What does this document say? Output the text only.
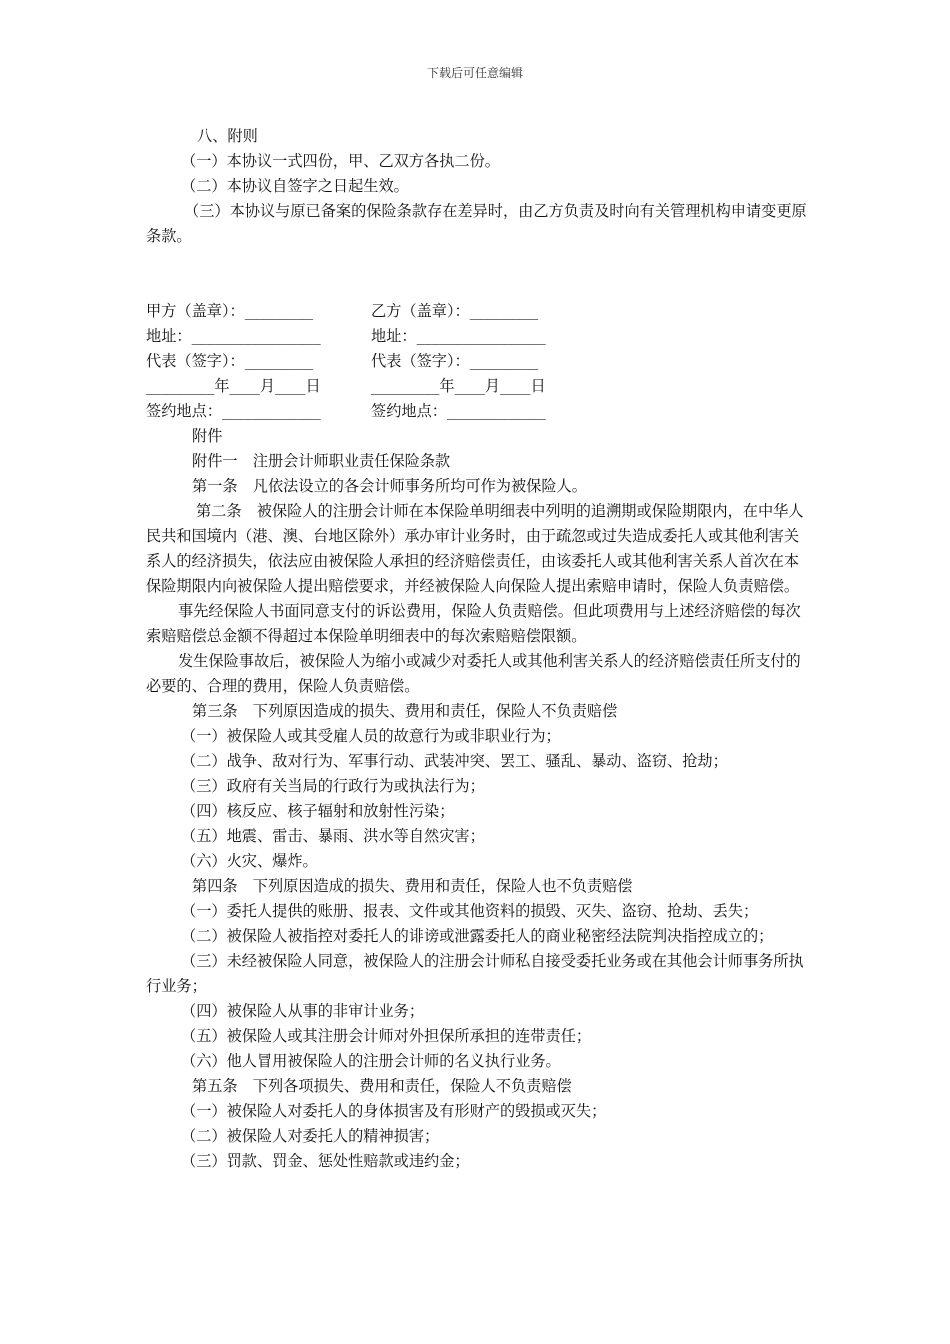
下载后可任意编辑

八、附则

（一）本协议一式四份，甲、乙双方各执二份。

（二）本协议自签字之日起生效。

（三）本协议与原已备案的保险条款存在差异时，由乙方负责及时向有关管理机构申请变更原条款。

甲方（盖章）：_________	乙方（盖章）：_________
地址：_________________	地址：_________________
代表（签字）：_________	代表（签字）：_________
_________年____月____日	_________年____月____日
签约地点：_____________	签约地点：_____________

附件

附件一　注册会计师职业责任保险条款

第一条　凡依法设立的各会计师事务所均可作为被保险人。

第二条　被保险人的注册会计师在本保险单明细表中列明的追溯期或保险期限内，在中华人民共和国境内（港、澳、台地区除外）承办审计业务时，由于疏忽或过失造成委托人或其他利害关系人的经济损失，依法应由被保险人承担的经济赔偿责任，由该委托人或其他利害关系人首次在本保险期限内向被保险人提出赔偿要求，并经被保险人向保险人提出索赔申请时，保险人负责赔偿。

事先经保险人书面同意支付的诉讼费用，保险人负责赔偿。但此项费用与上述经济赔偿的每次索赔赔偿总金额不得超过本保险单明细表中的每次索赔赔偿限额。

发生保险事故后，被保险人为缩小或减少对委托人或其他利害关系人的经济赔偿责任所支付的必要的、合理的费用，保险人负责赔偿。

第三条　下列原因造成的损失、费用和责任，保险人不负责赔偿

（一）被保险人或其受雇人员的故意行为或非职业行为；

（二）战争、敌对行为、军事行动、武装冲突、罢工、骚乱、暴动、盗窃、抢劫；

（三）政府有关当局的行政行为或执法行为；

（四）核反应、核子辐射和放射性污染；

（五）地震、雷击、暴雨、洪水等自然灾害；

（六）火灾、爆炸。

第四条　下列原因造成的损失、费用和责任，保险人也不负责赔偿

（一）委托人提供的账册、报表、文件或其他资料的损毁、灭失、盗窃、抢劫、丢失；

（二）被保险人被指控对委托人的诽谤或泄露委托人的商业秘密经法院判决指控成立的；

（三）未经被保险人同意，被保险人的注册会计师私自接受委托业务或在其他会计师事务所执行业务；

（四）被保险人从事的非审计业务；

（五）被保险人或其注册会计师对外担保所承担的连带责任；

（六）他人冒用被保险人的注册会计师的名义执行业务。

第五条　下列各项损失、费用和责任，保险人不负责赔偿

（一）被保险人对委托人的身体损害及有形财产的毁损或灭失；

（二）被保险人对委托人的精神损害；

（三）罚款、罚金、惩处性赔款或违约金；
